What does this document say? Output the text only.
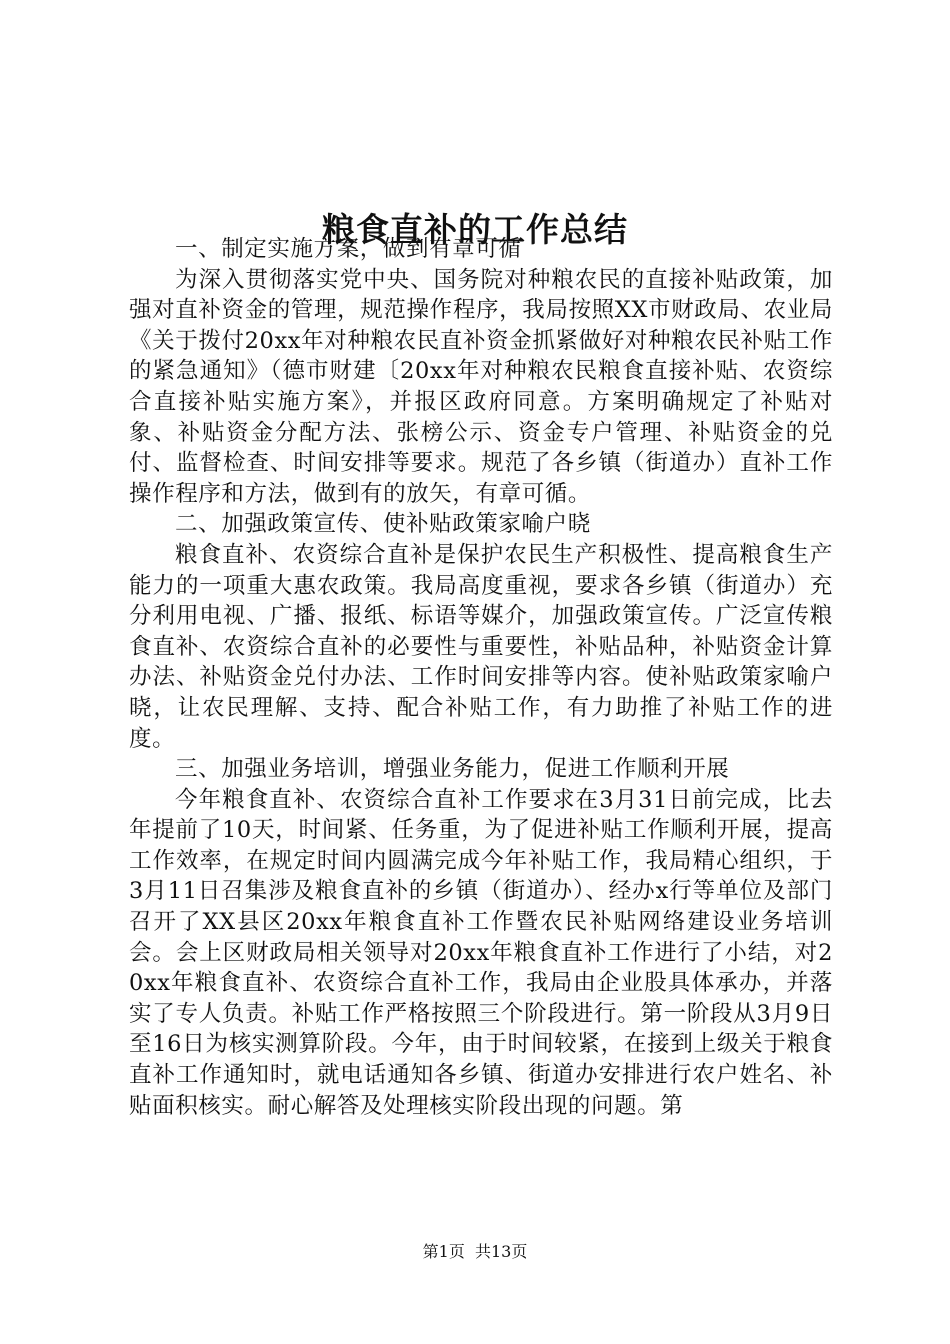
粮食直补的工作总结

一、制定实施方案，做到有章可循

为深入贯彻落实党中央、国务院对种粮农民的直接补贴政策，加强对直补资金的管理，规范操作程序，我局按照XX市财政局、农业局《关于拨付20xx年对种粮农民直补资金抓紧做好对种粮农民补贴工作的紧急通知》（德市财建〔20xx年对种粮农民粮食直接补贴、农资综合直接补贴实施方案》，并报区政府同意。方案明确规定了补贴对象、补贴资金分配方法、张榜公示、资金专户管理、补贴资金的兑付、监督检查、时间安排等要求。规范了各乡镇（街道办）直补工作操作程序和方法，做到有的放矢，有章可循。

二、加强政策宣传、使补贴政策家喻户晓

粮食直补、农资综合直补是保护农民生产积极性、提高粮食生产能力的一项重大惠农政策。我局高度重视，要求各乡镇（街道办）充分利用电视、广播、报纸、标语等媒介，加强政策宣传。广泛宣传粮食直补、农资综合直补的必要性与重要性，补贴品种，补贴资金计算办法、补贴资金兑付办法、工作时间安排等内容。使补贴政策家喻户晓，让农民理解、支持、配合补贴工作，有力助推了补贴工作的进度。

三、加强业务培训，增强业务能力，促进工作顺利开展

今年粮食直补、农资综合直补工作要求在3月31日前完成，比去年提前了10天，时间紧、任务重，为了促进补贴工作顺利开展，提高工作效率，在规定时间内圆满完成今年补贴工作，我局精心组织，于3月11日召集涉及粮食直补的乡镇（街道办）、经办x行等单位及部门召开了XX县区20xx年粮食直补工作暨农民补贴网络建设业务培训会。会上区财政局相关领导对20xx年粮食直补工作进行了小结，对20xx年粮食直补、农资综合直补工作，我局由企业股具体承办，并落实了专人负责。补贴工作严格按照三个阶段进行。第一阶段从3月9日至16日为核实测算阶段。今年，由于时间较紧，在接到上级关于粮食直补工作通知时，就电话通知各乡镇、街道办安排进行农户姓名、补贴面积核实。耐心解答及处理核实阶段出现的问题。第

第1页  共13页
